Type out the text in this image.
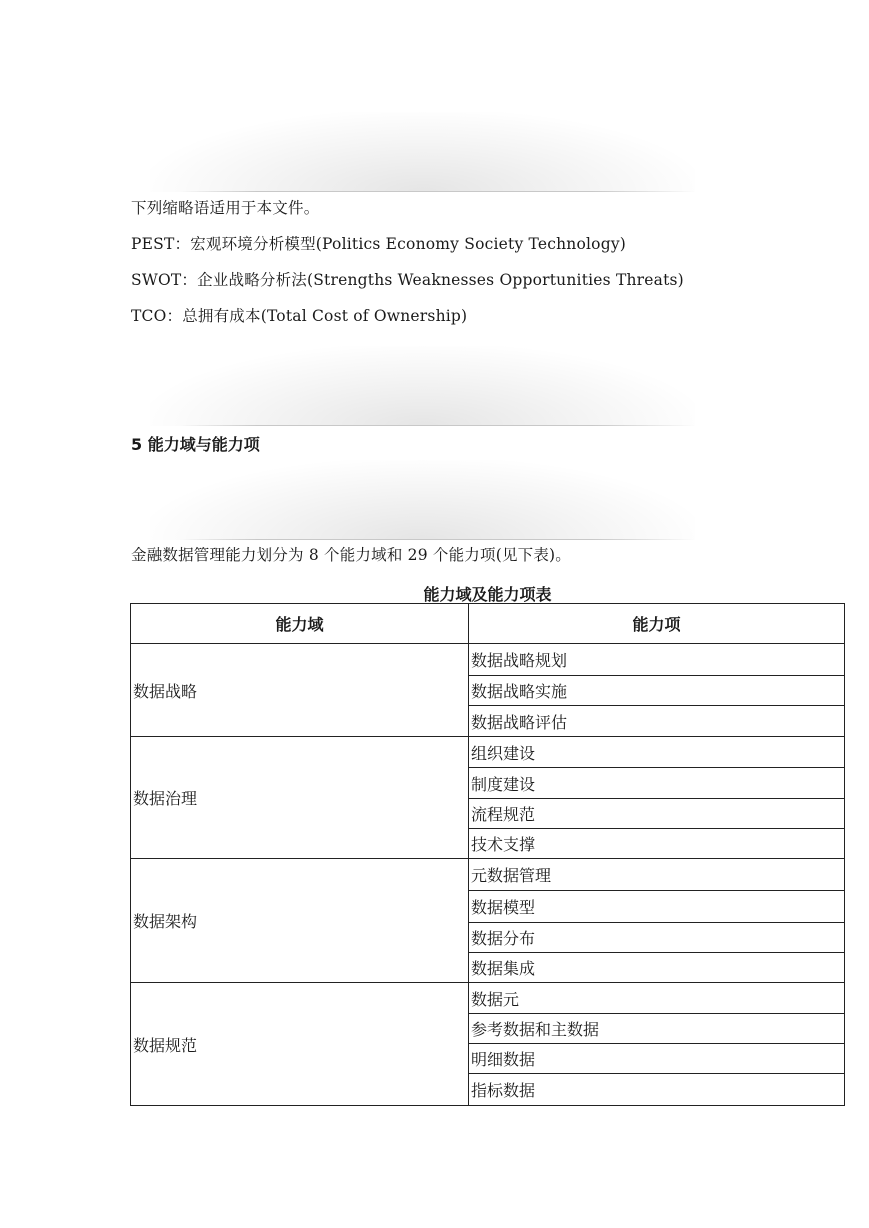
下列缩略语适用于本文件。
PEST：宏观环境分析模型(Politics Economy Society Technology)
SWOT：企业战略分析法(Strengths Weaknesses Opportunities Threats)
TCO：总拥有成本(Total Cost of Ownership)
5 能力域与能力项
金融数据管理能力划分为 8 个能力域和 29 个能力项(见下表)。
能力域及能力项表
能力域	能力项
数据战略	数据战略规划
	数据战略实施
	数据战略评估
数据治理	组织建设
	制度建设
	流程规范
	技术支撑
数据架构	元数据管理
	数据模型
	数据分布
	数据集成
数据规范	数据元
	参考数据和主数据
	明细数据
	指标数据
